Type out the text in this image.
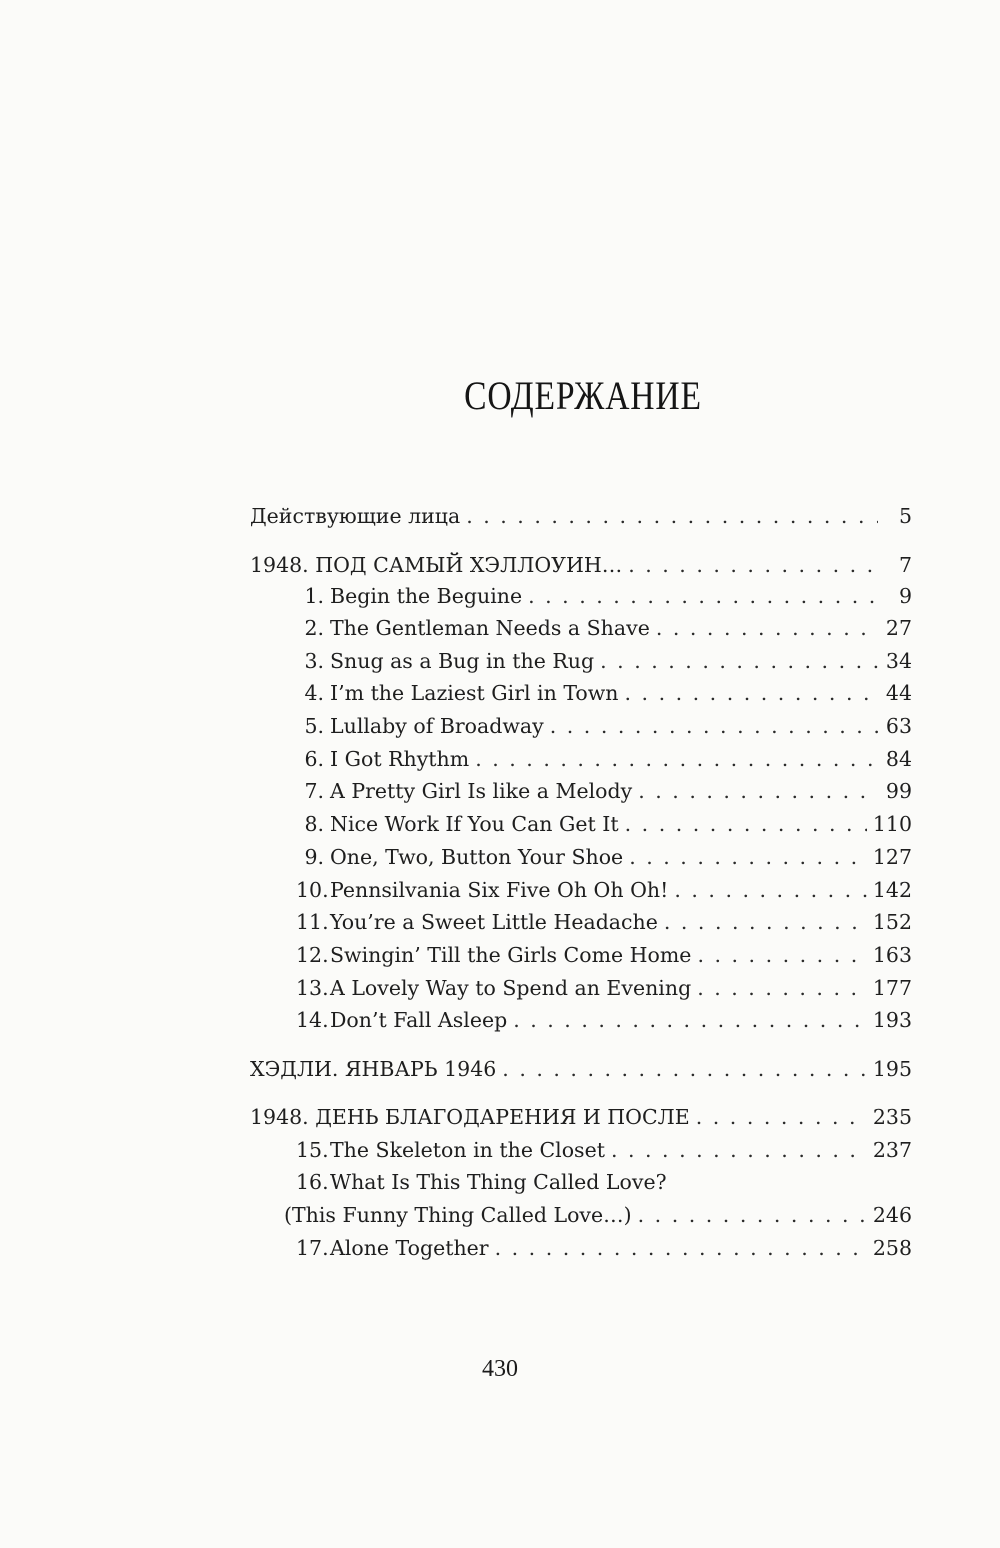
СОДЕРЖАНИЕ
Действующие лица . . .	5
1948. ПОД САМЫЙ ХЭЛЛОУИН… . . .	7
1. Begin the Beguine . . .	9
2. The Gentleman Needs a Shave . . .	27
3. Snug as a Bug in the Rug . . .	34
4. I’m the Laziest Girl in Town . . .	44
5. Lullaby of Broadway . . .	63
6. I Got Rhythm . . .	84
7. A Pretty Girl Is like a Melody . . .	99
8. Nice Work If You Can Get It . . .	110
9. One, Two, Button Your Shoe . . .	127
10.Pennsilvania Six Five Oh Oh Oh! . . .	142
11.You’re a Sweet Little Headache . . .	152
12.Swingin’ Till the Girls Come Home . . .	163
13.A Lovely Way to Spend an Evening . . .	177
14.Don’t Fall Asleep . . .	193
ХЭДЛИ. ЯНВАРЬ 1946 . . .	195
1948. ДЕНЬ БЛАГОДАРЕНИЯ И ПОСЛЕ . . .	235
15.The Skeleton in the Closet . . .	237
16.What Is This Thing Called Love?
(This Funny Thing Called Love…) . . .	246
17.Alone Together . . .	258
430
